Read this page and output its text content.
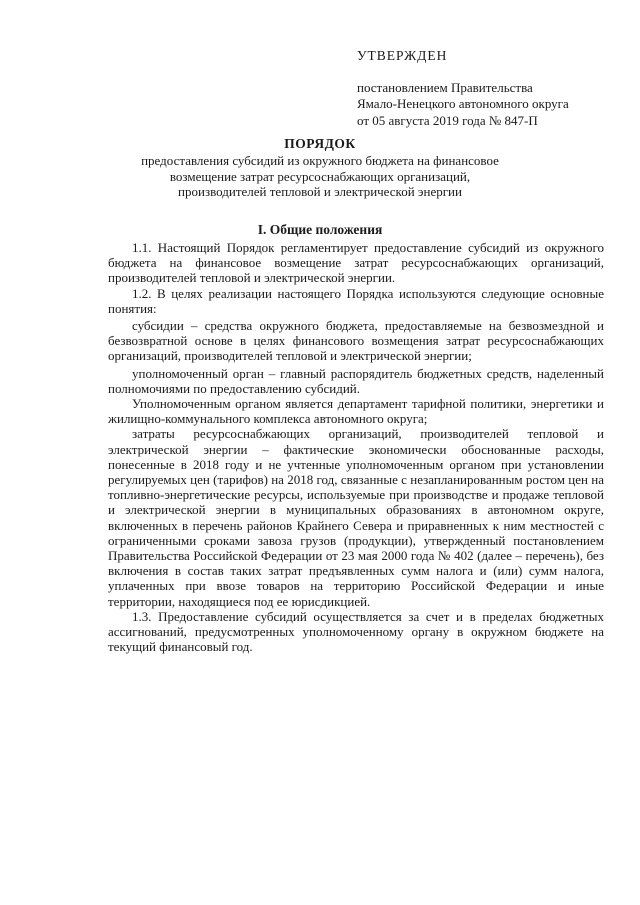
УТВЕРЖДЕН
постановлением Правительства
Ямало-Ненецкого автономного округа
от 05 августа 2019 года № 847-П
ПОРЯДОК
предоставления субсидий из окружного бюджета на финансовое
возмещение затрат ресурсоснабжающих организаций,
производителей тепловой и электрической энергии
I. Общие положения

1.1. Настоящий Порядок регламентирует предоставление субсидий из окружного бюджета на финансовое возмещение затрат ресурсоснабжающих организаций, производителей тепловой и электрической энергии.

1.2. В целях реализации настоящего Порядка используются следующие основные понятия:

субсидии – средства окружного бюджета, предоставляемые на безвозмездной и безвозвратной основе в целях финансового возмещения затрат ресурсоснабжающих организаций, производителей тепловой и электрической энергии;

уполномоченный орган – главный распорядитель бюджетных средств, наделенный полномочиями по предоставлению субсидий.

Уполномоченным органом является департамент тарифной политики, энергетики и жилищно-коммунального комплекса автономного округа;

затраты ресурсоснабжающих организаций, производителей тепловой и электрической энергии – фактические экономически обоснованные расходы, понесенные в 2018 году и не учтенные уполномоченным органом при установлении регулируемых цен (тарифов) на 2018 год, связанные с незапланированным ростом цен на топливно-энергетические ресурсы, используемые при производстве и продаже тепловой и электрической энергии в муниципальных образованиях в автономном округе, включенных в перечень районов Крайнего Севера и приравненных к ним местностей с ограниченными сроками завоза грузов (продукции), утвержденный постановлением Правительства Российской Федерации от 23 мая 2000 года № 402 (далее – перечень), без включения в состав таких затрат предъявленных сумм налога и (или) сумм налога, уплаченных при ввозе товаров на территорию Российской Федерации и иные территории, находящиеся под ее юрисдикцией.

1.3. Предоставление субсидий осуществляется за счет и в пределах бюджетных ассигнований, предусмотренных уполномоченному органу в окружном бюджете на текущий финансовый год.
